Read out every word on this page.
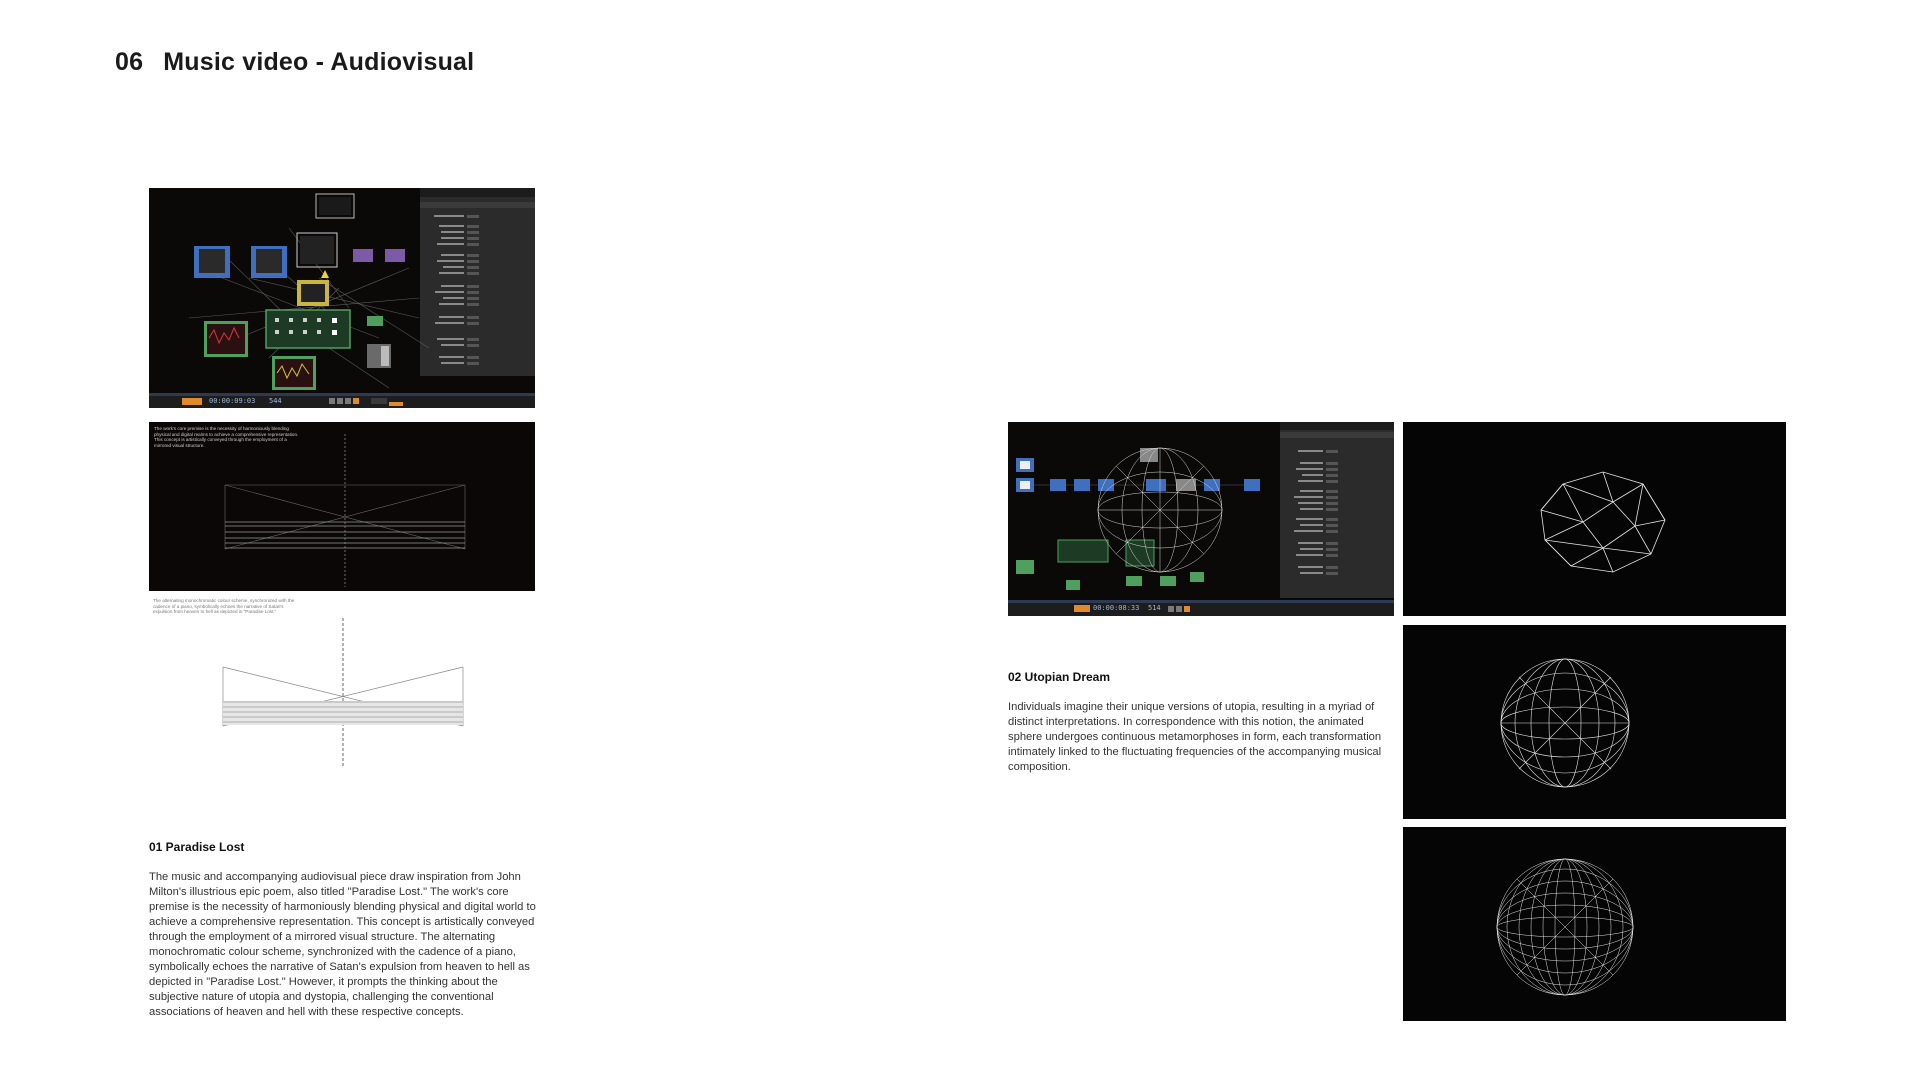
06 Music video - Audiovisual
00:00:09:03 544
The work's core premise is the necessity of harmoniously blending physical and digital realms to achieve a comprehensive representation. This concept is artistically conveyed through the employment of a mirrored visual structure.
The alternating monochromatic colour scheme, synchronized with the cadence of a piano, symbolically echoes the narrative of Satan's expulsion from heaven to hell as depicted in "Paradise Lost."
01 Paradise Lost

The music and accompanying audiovisual piece draw inspiration from John Milton's illustrious epic poem, also titled "Paradise Lost." The work's core premise is the necessity of harmoniously blending physical and digital world to achieve a comprehensive representation. This concept is artistically conveyed through the employment of a mirrored visual structure. The alternating monochromatic colour scheme, synchronized with the cadence of a piano, symbolically echoes the narrative of Satan's expulsion from heaven to hell as depicted in "Paradise Lost." However, it prompts the thinking about the subjective nature of utopia and dystopia, challenging the conventional associations of heaven and hell with these respective concepts.

00:00:08:33 514
02 Utopian Dream

Individuals imagine their unique versions of utopia, resulting in a myriad of distinct interpretations. In correspondence with this notion, the animated sphere undergoes continuous metamorphoses in form, each transformation intimately linked to the fluctuating frequencies of the accompanying musical composition.
